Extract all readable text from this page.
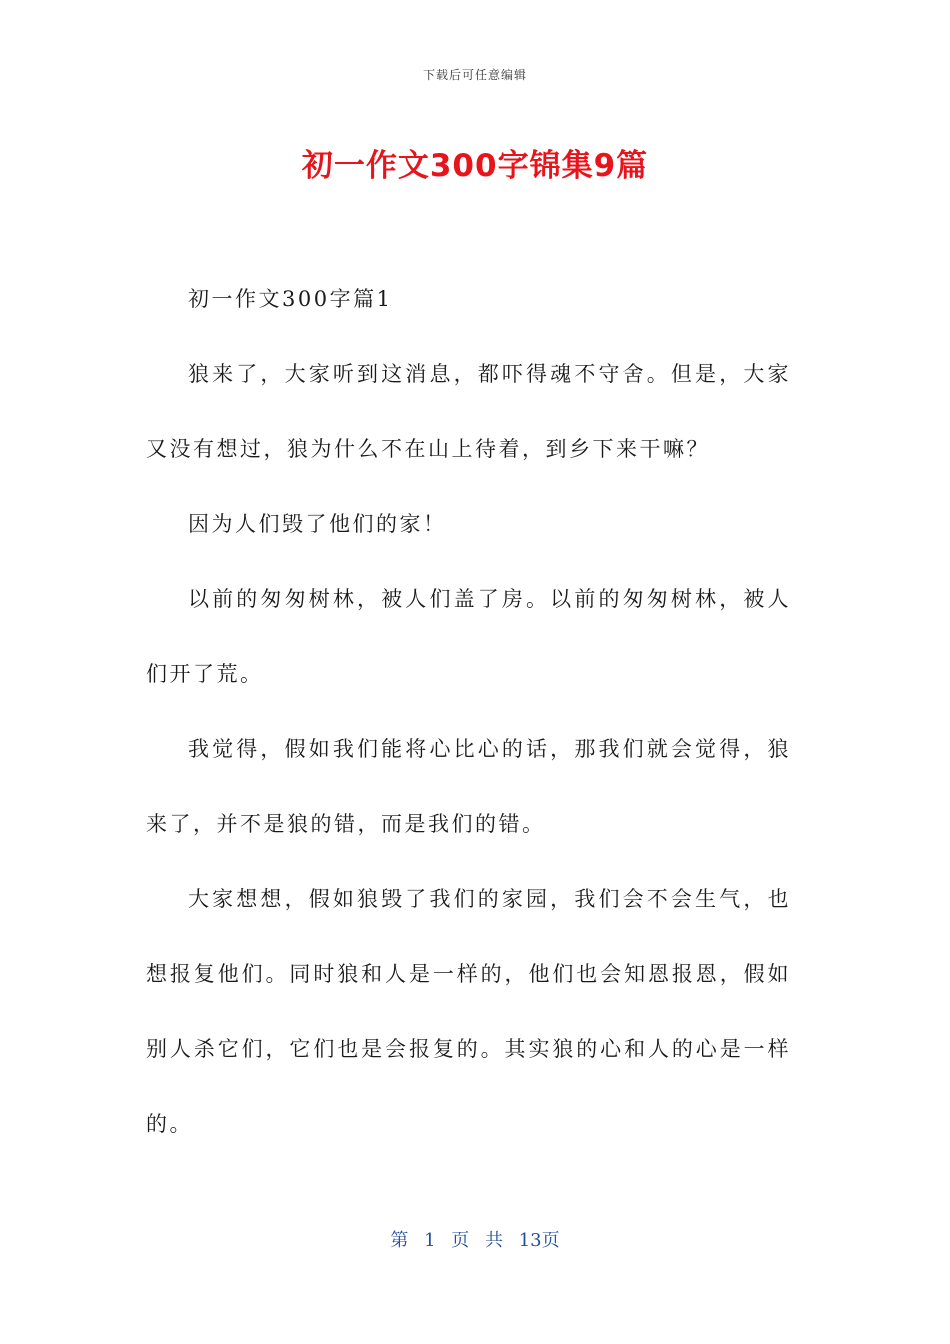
下载后可任意编辑
初一作文300字锦集9篇

初一作文300字篇1

狼来了，大家听到这消息，都吓得魂不守舍。但是，大家又没有想过，狼为什么不在山上待着，到乡下来干嘛？

因为人们毁了他们的家！

以前的匆匆树林，被人们盖了房。以前的匆匆树林，被人们开了荒。

我觉得，假如我们能将心比心的话，那我们就会觉得，狼来了，并不是狼的错，而是我们的错。

大家想想，假如狼毁了我们的家园，我们会不会生气，也想报复他们。同时狼和人是一样的，他们也会知恩报恩，假如别人杀它们，它们也是会报复的。其实狼的心和人的心是一样的。

第 1 页 共 13页
